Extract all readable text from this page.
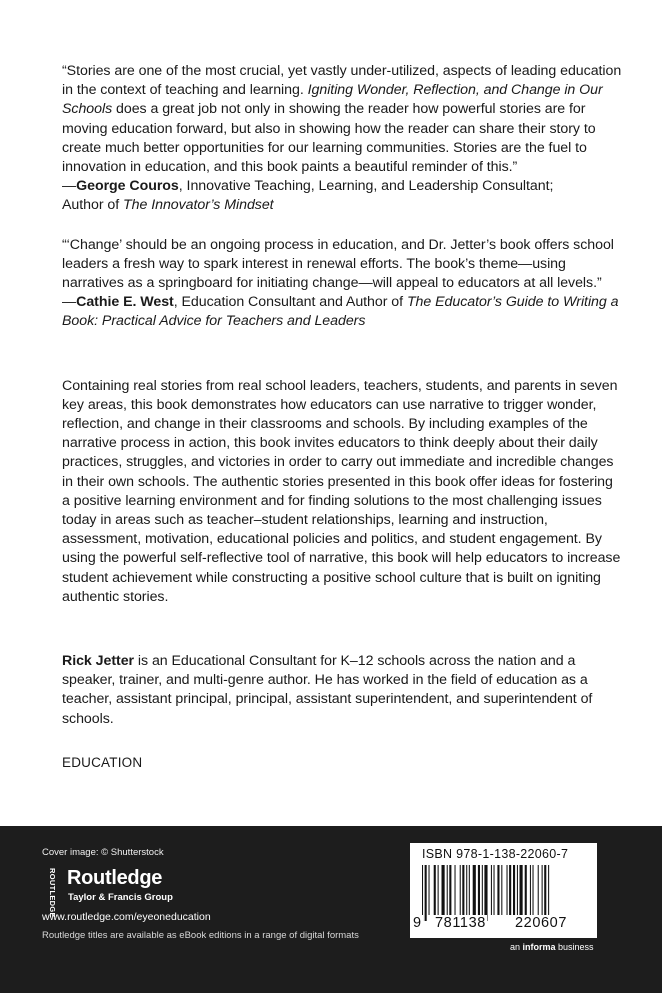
“Stories are one of the most crucial, yet vastly under-utilized, aspects of leading education in the context of teaching and learning. Igniting Wonder, Reflection, and Change in Our Schools does a great job not only in showing the reader how powerful stories are for moving education forward, but also in showing how the reader can share their story to create much better opportunities for our learning communities. Stories are the fuel to innovation in education, and this book paints a beautiful reminder of this.”

—George Couros, Innovative Teaching, Learning, and Leadership Consultant;
Author of The Innovator’s Mindset

“‘Change’ should be an ongoing process in education, and Dr. Jetter’s book offers school leaders a fresh way to spark interest in renewal efforts. The book’s theme—using narratives as a springboard for initiating change—will appeal to educators at all levels.”

—Cathie E. West, Education Consultant and Author of The Educator’s Guide to Writing a Book: Practical Advice for Teachers and Leaders

Containing real stories from real school leaders, teachers, students, and parents in seven key areas, this book demonstrates how educators can use narrative to trigger wonder, reflection, and change in their classrooms and schools. By including examples of the narrative process in action, this book invites educators to think deeply about their daily practices, struggles, and victories in order to carry out immediate and incredible changes in their own schools. The authentic stories presented in this book offer ideas for fostering a positive learning environment and for finding solutions to the most challenging issues today in areas such as teacher–student relationships, learning and instruction, assessment, motivation, educational policies and politics, and student engagement. By using the powerful self-reflective tool of narrative, this book will help educators to increase student achievement while constructing a positive school culture that is built on igniting authentic stories.

Rick Jetter is an Educational Consultant for K–12 schools across the nation and a speaker, trainer, and multi-genre author. He has worked in the field of education as a teacher, assistant principal, principal, assistant superintendent, and superintendent of schools.

EDUCATION

Cover image: © Shutterstock
ROUTLEDGE Routledge
Taylor & Francis Group
www.routledge.com/eyeoneducation
Routledge titles are available as eBook editions in a range of digital formats
ISBN 978-1-138-22060-7
9 781138 220607
an informa business
